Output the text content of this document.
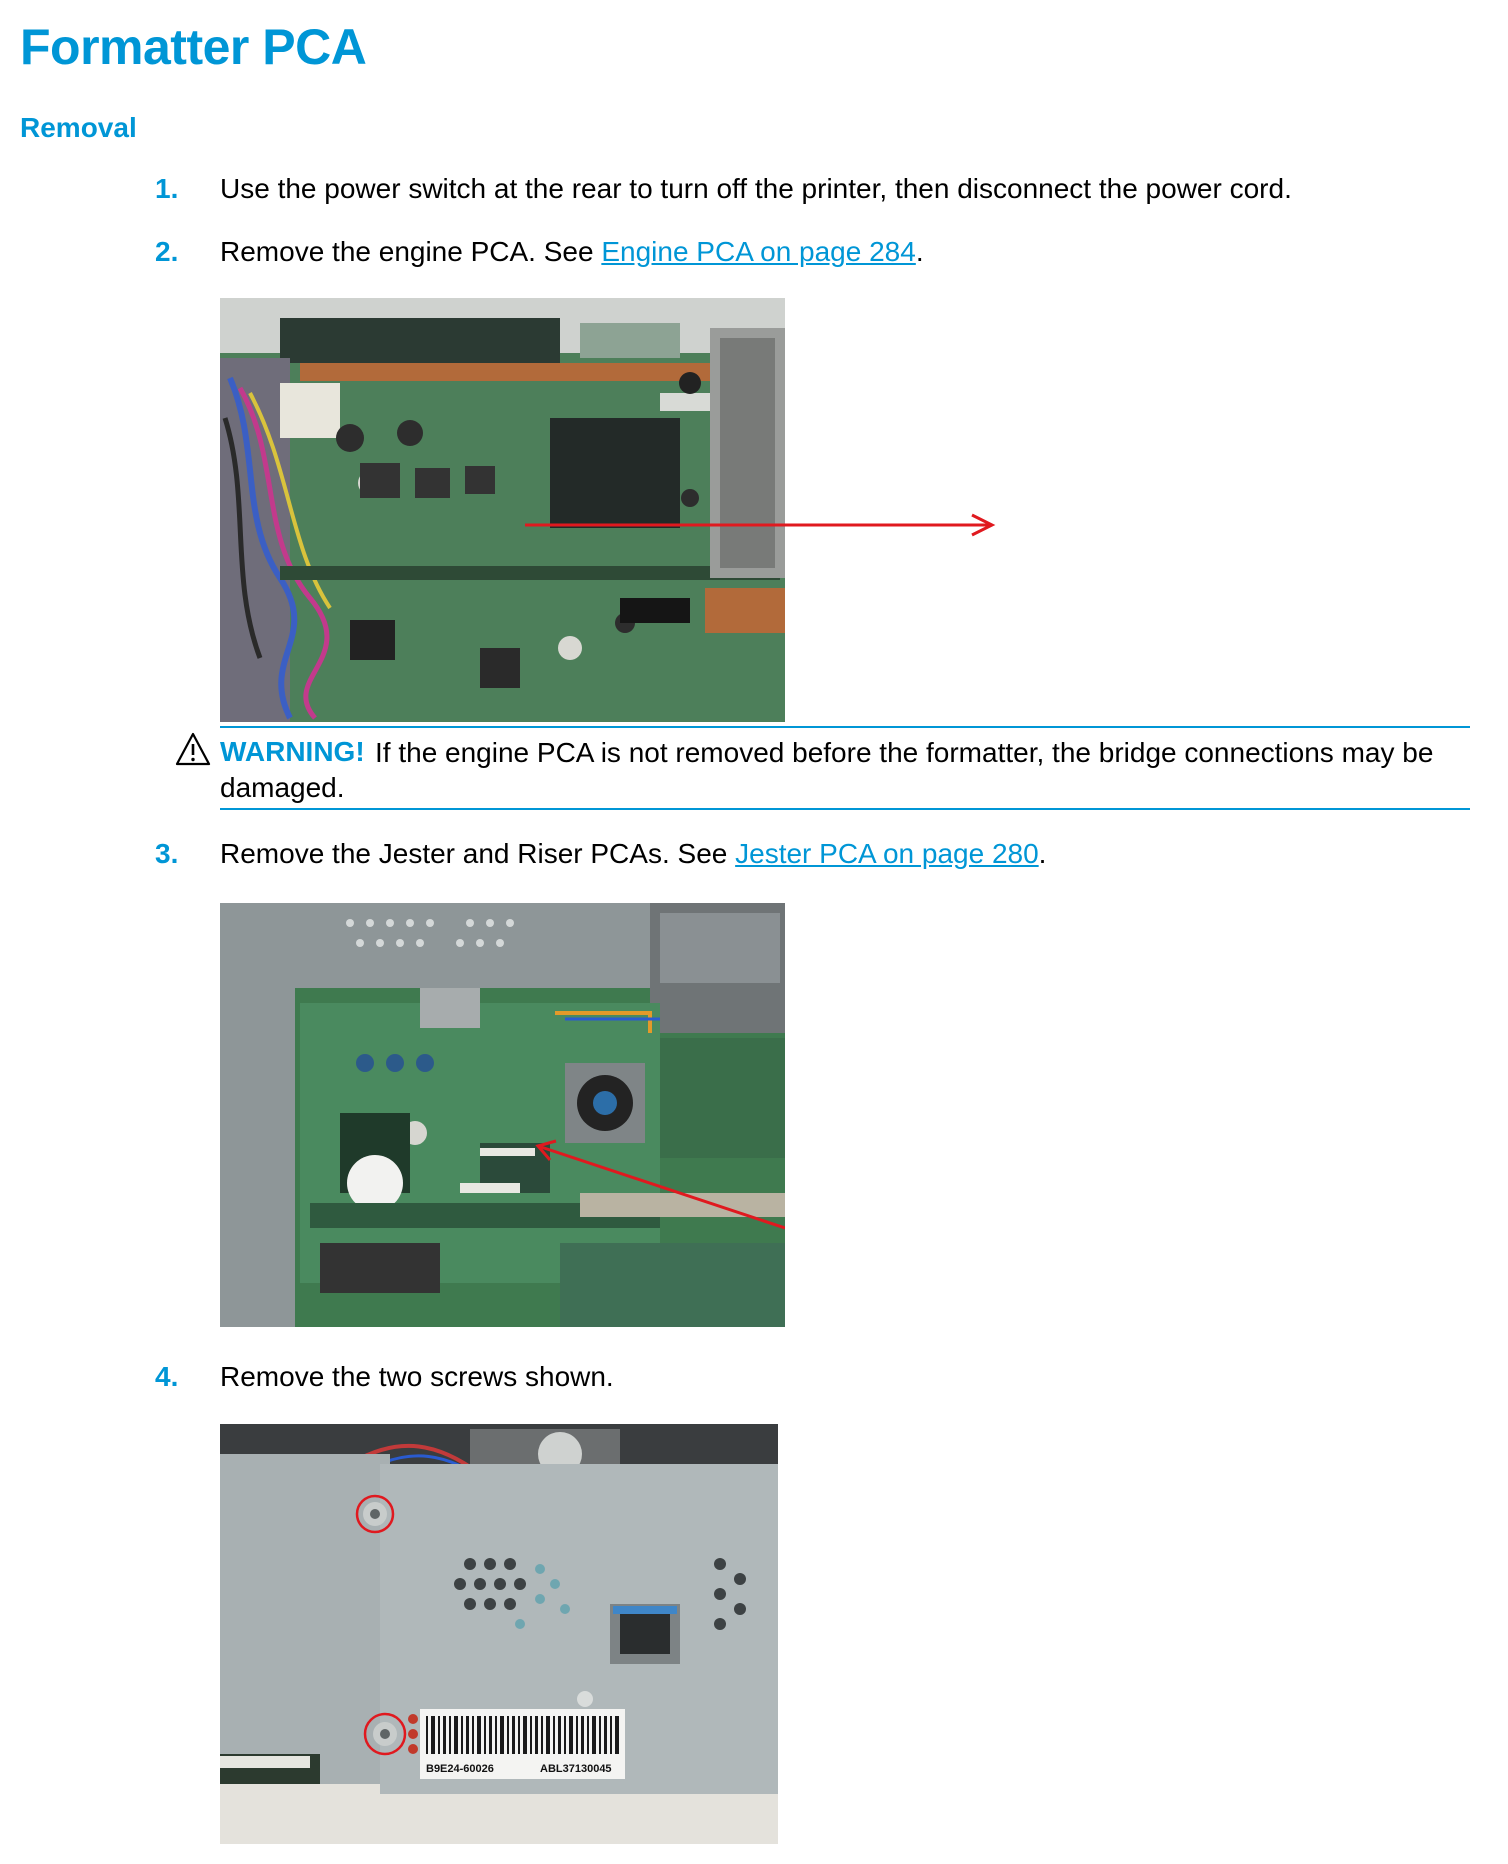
Formatter PCA
Removal
1.	Use the power switch at the rear to turn off the printer, then disconnect the power cord.
2.	Remove the engine PCA. See Engine PCA on page 284.
WARNING! If the engine PCA is not removed before the formatter, the bridge connections may be damaged.
3.	Remove the Jester and Riser PCAs. See Jester PCA on page 280.
4.	Remove the two screws shown.
B9E24-60026	ABL37130045
